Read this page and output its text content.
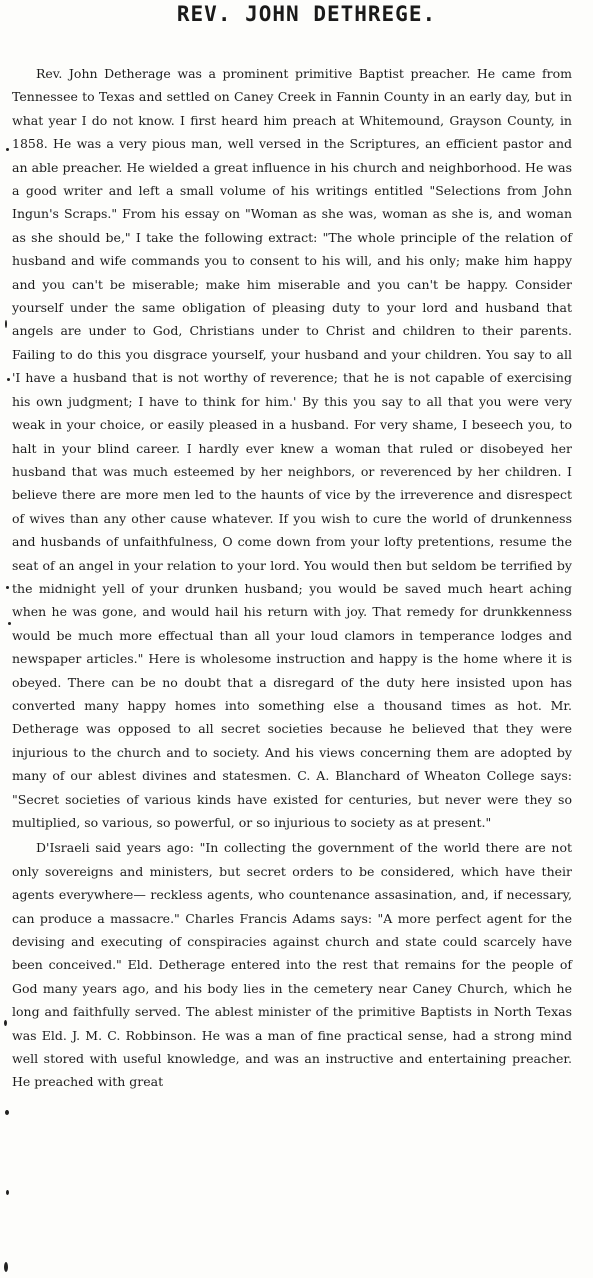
REV. JOHN DETHREGE.

Rev. John Detherage was a prominent primitive Baptist preacher. He came from Tennessee to Texas and settled on Caney Creek in Fannin County in an early day, but in what year I do not know. I first heard him preach at Whitemound, Grayson County, in 1858. He was a very pious man, well versed in the Scriptures, an efficient pastor and an able preacher. He wielded a great influence in his church and neighborhood. He was a good writer and left a small volume of his writings entitled "Selections from John Ingun's Scraps." From his essay on "Woman as she was, woman as she is, and woman as she should be," I take the following extract: "The whole principle of the relation of husband and wife commands you to consent to his will, and his only; make him happy and you can't be miserable; make him miserable and you can't be happy. Consider yourself under the same obligation of pleasing duty to your lord and husband that angels are under to God, Christians under to Christ and children to their parents. Failing to do this you disgrace yourself, your husband and your children. You say to all 'I have a husband that is not worthy of reverence; that he is not capable of exercising his own judgment; I have to think for him.' By this you say to all that you were very weak in your choice, or easily pleased in a husband. For very shame, I beseech you, to halt in your blind career. I hardly ever knew a woman that ruled or disobeyed her husband that was much esteemed by her neighbors, or reverenced by her children. I believe there are more men led to the haunts of vice by the irreverence and disrespect of wives than any other cause whatever. If you wish to cure the world of drunkenness and husbands of unfaithfulness, O come down from your lofty pretentions, resume the seat of an angel in your relation to your lord. You would then but seldom be terrified by the midnight yell of your drunken husband; you would be saved much heart aching when he was gone, and would hail his return with joy. That remedy for drunkkenness would be much more effectual than all your loud clamors in temperance lodges and newspaper articles." Here is wholesome instruction and happy is the home where it is obeyed. There can be no doubt that a disregard of the duty here insisted upon has converted many happy homes into something else a thousand times as hot. Mr. Detherage was opposed to all secret societies because he believed that they were injurious to the church and to society. And his views concerning them are adopted by many of our ablest divines and statesmen. C. A. Blanchard of Wheaton College says: "Secret societies of various kinds have existed for centuries, but never were they so multiplied, so various, so powerful, or so injurious to society as at present."

D'Israeli said years ago: "In collecting the government of the world there are not only sovereigns and ministers, but secret orders to be considered, which have their agents everywhere— reckless agents, who countenance assasination, and, if necessary, can produce a massacre." Charles Francis Adams says: "A more perfect agent for the devising and executing of conspiracies against church and state could scarcely have been conceived." Eld. Detherage entered into the rest that remains for the people of God many years ago, and his body lies in the cemetery near Caney Church, which he long and faithfully served. The ablest minister of the primitive Baptists in North Texas was Eld. J. M. C. Robbinson. He was a man of fine practical sense, had a strong mind well stored with useful knowledge, and was an instructive and entertaining preacher. He preached with great
